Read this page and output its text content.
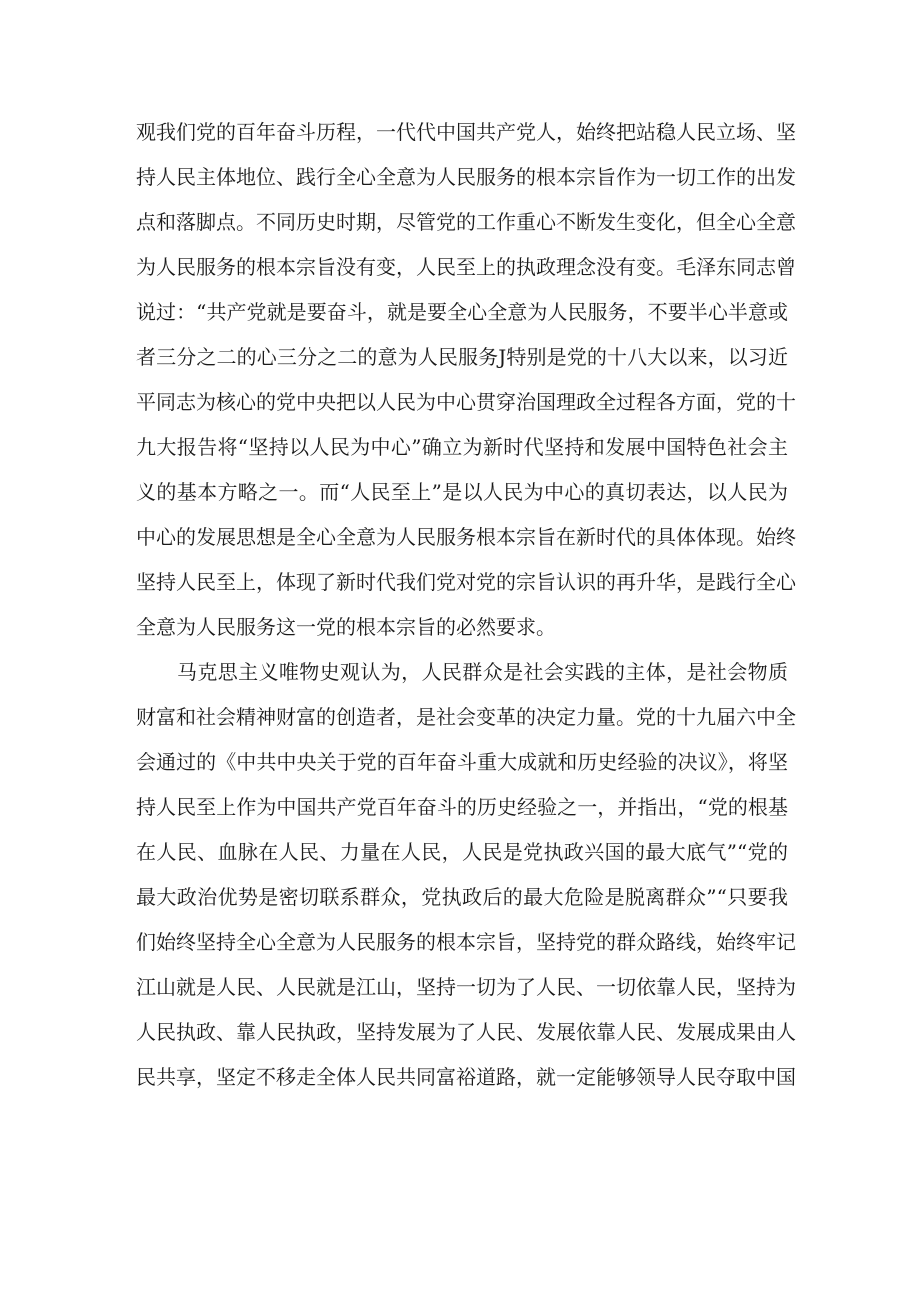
观我们党的百年奋斗历程，一代代中国共产党人，始终把站稳人民立场、坚
持人民主体地位、践行全心全意为人民服务的根本宗旨作为一切工作的出发
点和落脚点。不同历史时期，尽管党的工作重心不断发生变化，但全心全意
为人民服务的根本宗旨没有变，人民至上的执政理念没有变。毛泽东同志曾
说过：“共产党就是要奋斗，就是要全心全意为人民服务，不要半心半意或
者三分之二的心三分之二的意为人民服务J特别是党的十八大以来，以习近
平同志为核心的党中央把以人民为中心贯穿治国理政全过程各方面，党的十
九大报告将“坚持以人民为中心”确立为新时代坚持和发展中国特色社会主
义的基本方略之一。而“人民至上”是以人民为中心的真切表达，以人民为
中心的发展思想是全心全意为人民服务根本宗旨在新时代的具体体现。始终
坚持人民至上，体现了新时代我们党对党的宗旨认识的再升华，是践行全心
全意为人民服务这一党的根本宗旨的必然要求。
马克思主义唯物史观认为，人民群众是社会实践的主体，是社会物质
财富和社会精神财富的创造者，是社会变革的决定力量。党的十九届六中全
会通过的《中共中央关于党的百年奋斗重大成就和历史经验的决议》，将坚
持人民至上作为中国共产党百年奋斗的历史经验之一，并指出，“党的根基
在人民、血脉在人民、力量在人民，人民是党执政兴国的最大底气”“党的
最大政治优势是密切联系群众，党执政后的最大危险是脱离群众”“只要我
们始终坚持全心全意为人民服务的根本宗旨，坚持党的群众路线，始终牢记
江山就是人民、人民就是江山，坚持一切为了人民、一切依靠人民，坚持为
人民执政、靠人民执政，坚持发展为了人民、发展依靠人民、发展成果由人
民共享，坚定不移走全体人民共同富裕道路，就一定能够领导人民夺取中国
